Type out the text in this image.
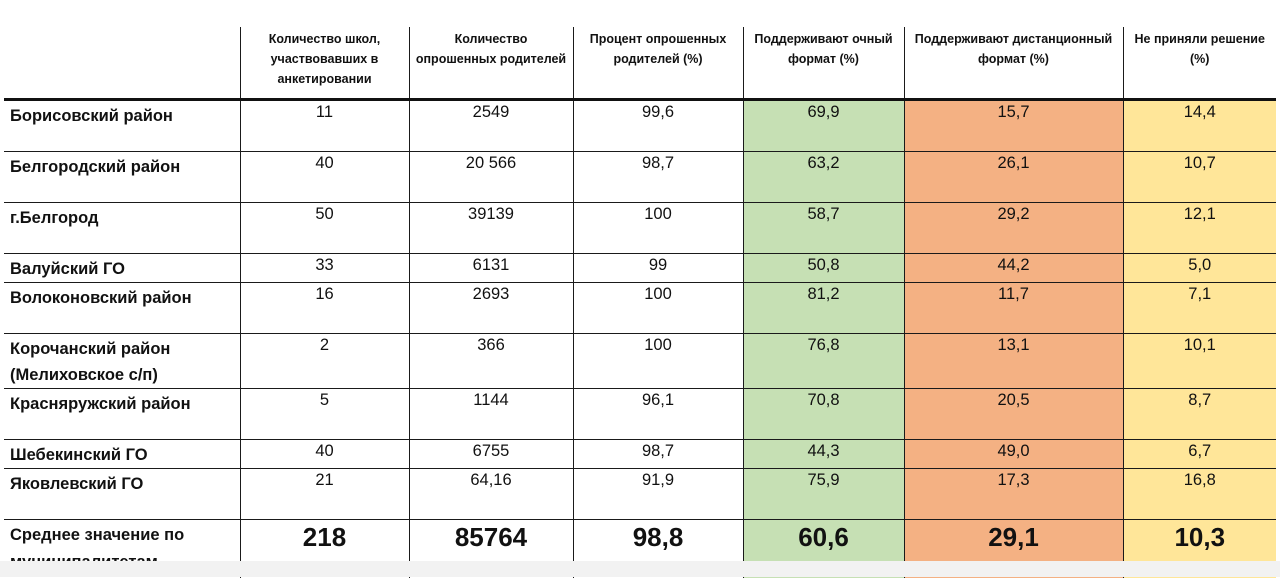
	Количество школ, участвовавших в анкетировании	Количество опрошенных родителей	Процент опрошенных родителей (%)	Поддерживают очный формат (%)	Поддерживают дистанционный формат (%)	Не приняли решение (%)
Борисовский район	11	2549	99,6	69,9	15,7	14,4
Белгородский район	40	20 566	98,7	63,2	26,1	10,7
г.Белгород	50	39139	100	58,7	29,2	12,1
Валуйский ГО	33	6131	99	50,8	44,2	5,0
Волоконовский район	16	2693	100	81,2	11,7	7,1
Корочанский район (Мелиховское с/п)	2	366	100	76,8	13,1	10,1
Красняружский район	5	1144	96,1	70,8	20,5	8,7
Шебекинский ГО	40	6755	98,7	44,3	49,0	6,7
Яковлевский ГО	21	64,16	91,9	75,9	17,3	16,8
Среднее значение по	218	85764	98,8	60,6	29,1	10,3
